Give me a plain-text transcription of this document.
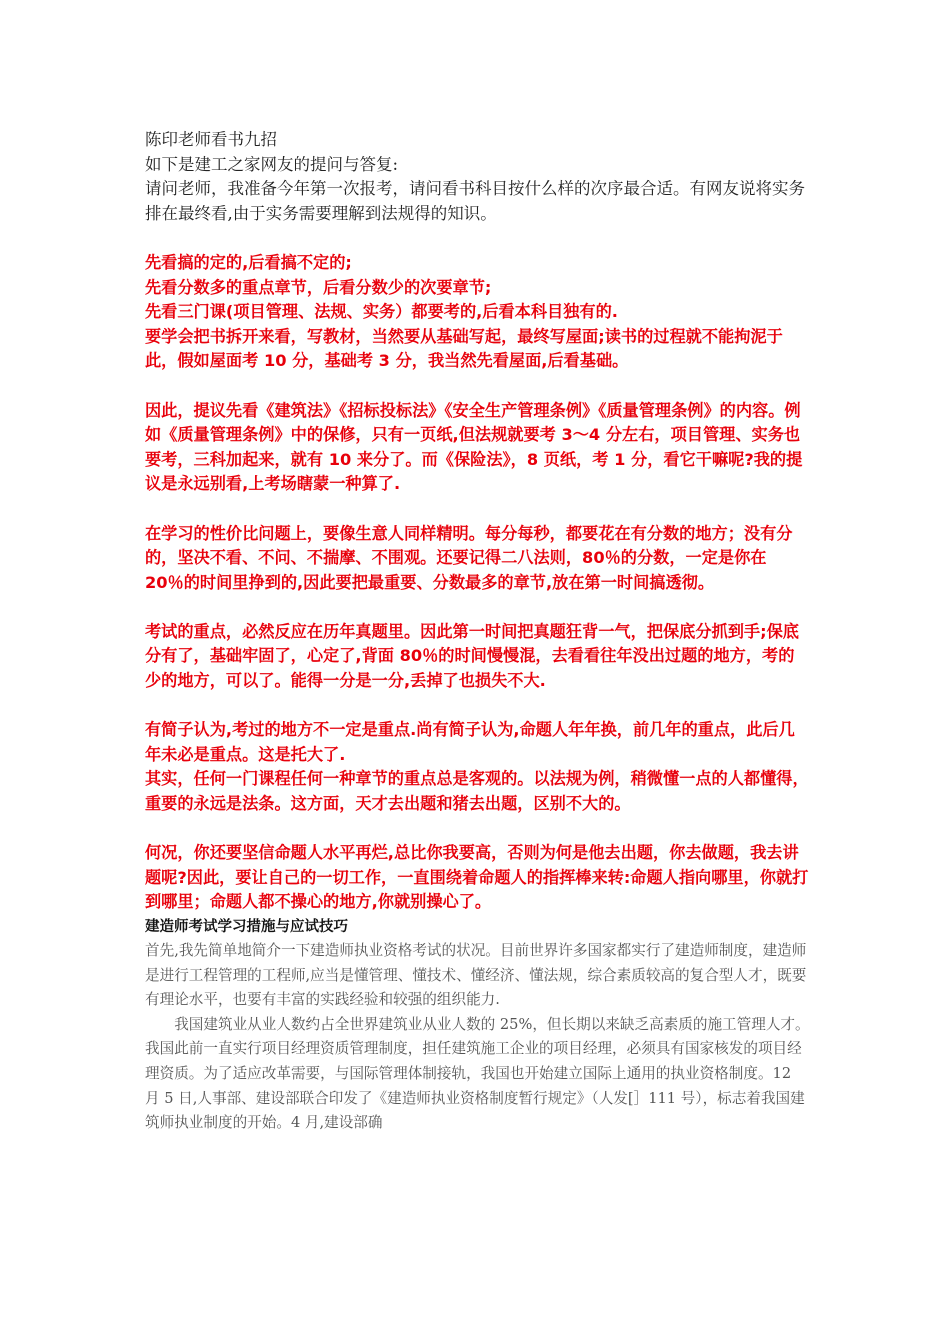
陈印老师看书九招

如下是建工之家网友的提问与答复:

请问老师，我准备今年第一次报考，请问看书科目按什么样的次序最合适。有网友说将实务排在最终看,由于实务需要理解到法规得的知识。

先看搞的定的,后看搞不定的;

先看分数多的重点章节，后看分数少的次要章节;

先看三门课(项目管理、法规、实务）都要考的,后看本科目独有的.

要学会把书拆开来看，写教材，当然要从基础写起，最终写屋面;读书的过程就不能拘泥于此，假如屋面考 10 分，基础考 3 分，我当然先看屋面,后看基础。

因此，提议先看《建筑法》《招标投标法》《安全生产管理条例》《质量管理条例》的内容。例如《质量管理条例》中的保修，只有一页纸,但法规就要考 3～4 分左右，项目管理、实务也要考，三科加起来，就有 10 来分了。而《保险法》，8 页纸，考 1 分，看它干嘛呢?我的提议是永远别看,上考场瞎蒙一种算了.

在学习的性价比问题上，要像生意人同样精明。每分每秒，都要花在有分数的地方；没有分的，坚决不看、不问、不揣摩、不围观。还要记得二八法则，80％的分数，一定是你在 20％的时间里挣到的,因此要把最重要、分数最多的章节,放在第一时间搞透彻。

考试的重点，必然反应在历年真题里。因此第一时间把真题狂背一气，把保底分抓到手;保底分有了，基础牢固了，心定了,背面 80％的时间慢慢混，去看看往年没出过题的地方，考的少的地方，可以了。能得一分是一分,丢掉了也损失不大.

有简子认为,考过的地方不一定是重点.尚有简子认为,命题人年年换，前几年的重点，此后几年未必是重点。这是托大了.

其实，任何一门课程任何一种章节的重点总是客观的。以法规为例，稍微懂一点的人都懂得，重要的永远是法条。这方面，天才去出题和猪去出题，区别不大的。

何况，你还要坚信命题人水平再烂,总比你我要高，否则为何是他去出题，你去做题，我去讲题呢?因此，要让自己的一切工作，一直围绕着命题人的指挥棒来转:命题人指向哪里，你就打到哪里；命题人都不操心的地方,你就别操心了。

建造师考试学习措施与应试技巧

首先,我先简单地简介一下建造师执业资格考试的状况。目前世界许多国家都实行了建造师制度，建造师是进行工程管理的工程师,应当是懂管理、懂技术、懂经济、懂法规，综合素质较高的复合型人才，既要有理论水平，也要有丰富的实践经验和较强的组织能力.

我国建筑业从业人数约占全世界建筑业从业人数的 25%，但长期以来缺乏高素质的施工管理人才。我国此前一直实行项目经理资质管理制度，担任建筑施工企业的项目经理，必须具有国家核发的项目经理资质。为了适应改革需要，与国际管理体制接轨，我国也开始建立国际上通用的执业资格制度。12 月 5 日,人事部、建设部联合印发了《建造师执业资格制度暂行规定》（人发[］111 号），标志着我国建筑师执业制度的开始。4 月,建设部确
